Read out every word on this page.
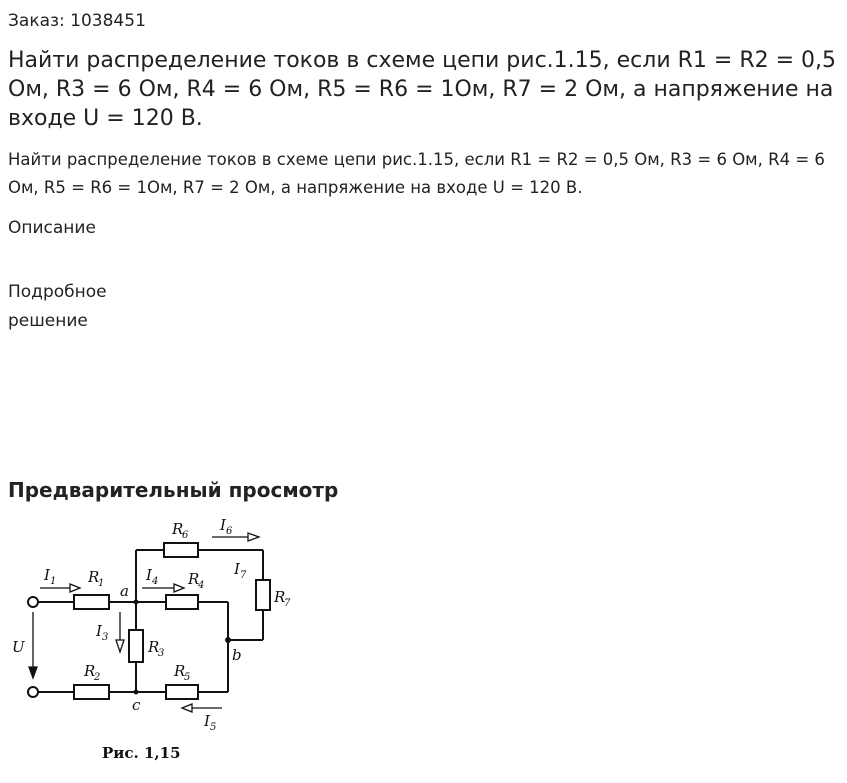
Заказ: 1038451
Найти распределение токов в схеме цепи рис.1.15, если R1 = R2 = 0,5 Ом, R3 = 6 Ом, R4 = 6 Ом, R5 = R6 = 1Ом, R7 = 2 Ом, а напряжение на входе U = 120 В.

Найти распределение токов в схеме цепи рис.1.15, если R1 = R2 = 0,5 Ом, R3 = 6 Ом, R4 = 6 Ом, R5 = R6 = 1Ом, R7 = 2 Ом, а напряжение на входе U = 120 В.

Описание
Подробное решение
Предварительный просмотр
R
6
I 6
I 7
R
7
I 1 R
1 a
I 4 R
4
I 3
R
3
U	b
R
2	R
5
c
I 5
Рис. 1,15
